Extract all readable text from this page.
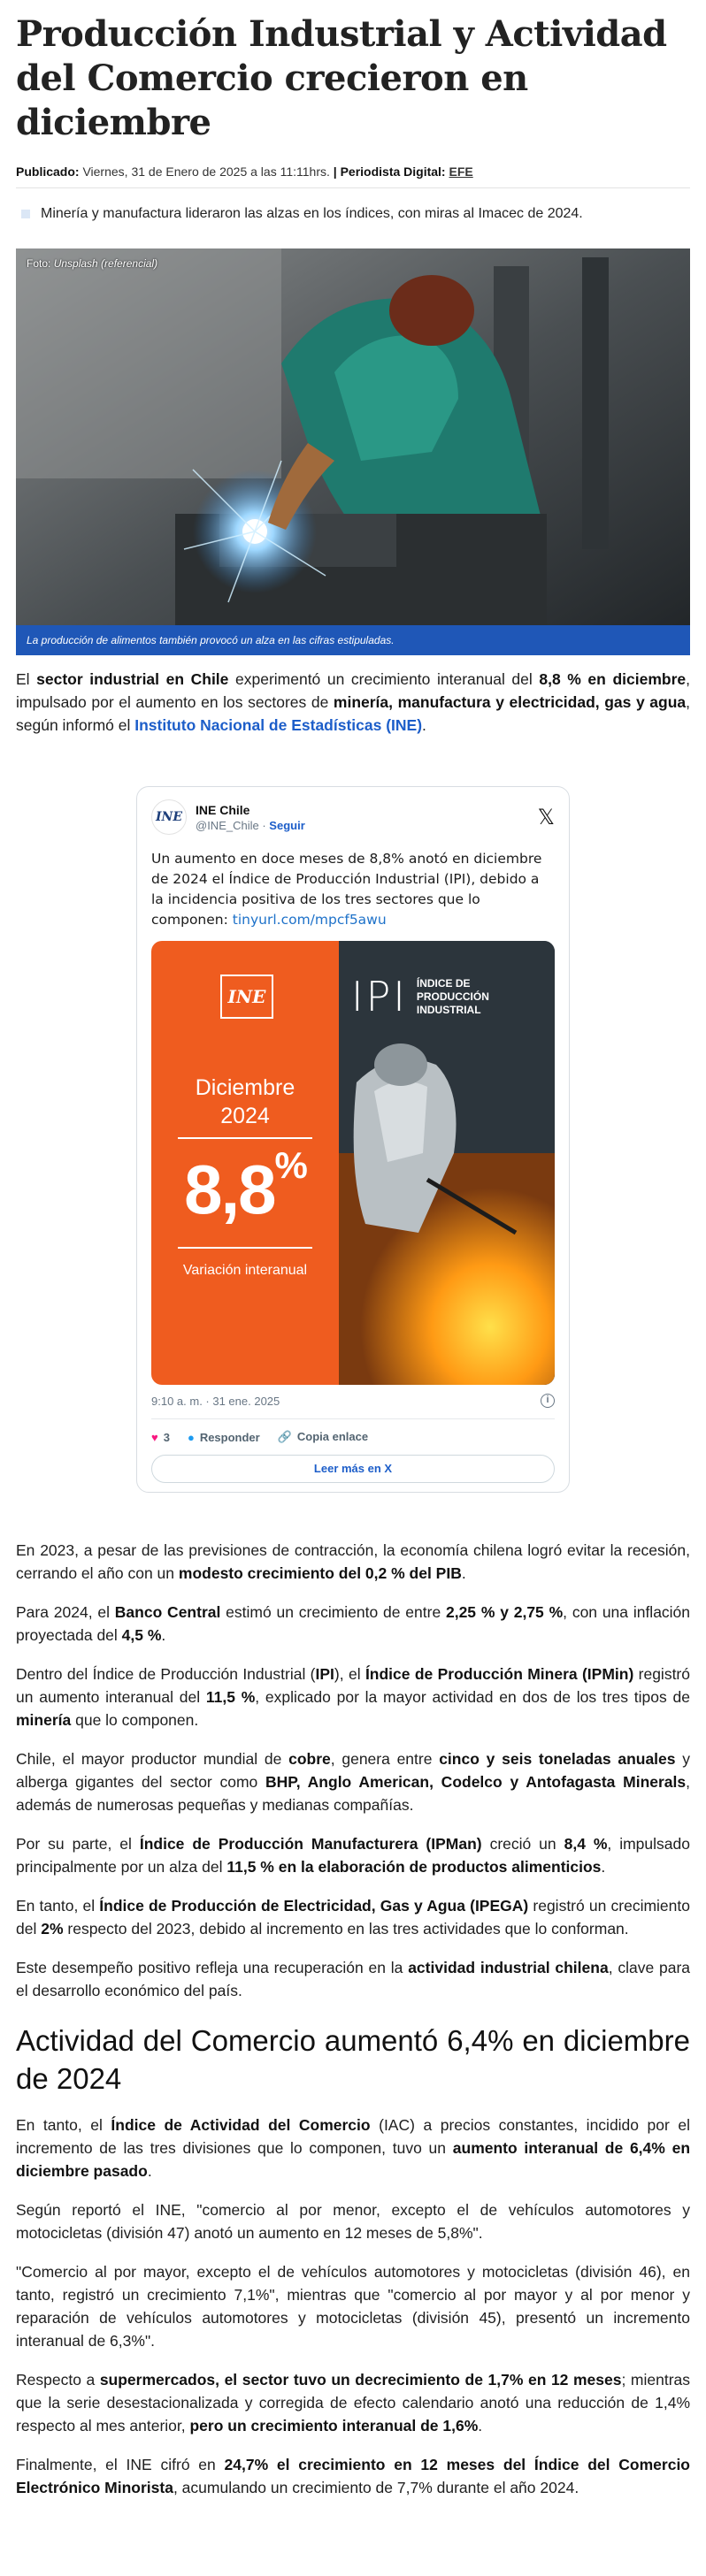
Producción Industrial y Actividad del Comercio crecieron en diciembre
Publicado: Viernes, 31 de Enero de 2025 a las 11:11hrs. | Periodista Digital: EFE
Minería y manufactura lideraron las alzas en los índices, con miras al Imacec de 2024.
Foto: Unsplash (referencial)
La producción de alimentos también provocó un alza en las cifras estipuladas.

El sector industrial en Chile experimentó un crecimiento interanual del 8,8 % en diciembre, impulsado por el aumento en los sectores de minería, manufactura y electricidad, gas y agua, según informó el Instituto Nacional de Estadísticas (INE).

INE
INE Chile
@INE_Chile · Seguir	𝕏
Un aumento en doce meses de 8,8% anotó en diciembre de 2024 el Índice de Producción Industrial (IPI), debido a la incidencia positiva de los tres sectores que lo componen: tinyurl.com/mpcf5awu
INE
Diciembre
2024
8,8%
Variación interanual
IPI ÍNDICE DE
PRODUCCIÓN
INDUSTRIAL
9:10 a. m. · 31 ene. 2025	i
♥ 3 ● Responder 🔗 Copia enlace
Leer más en X

En 2023, a pesar de las previsiones de contracción, la economía chilena logró evitar la recesión, cerrando el año con un modesto crecimiento del 0,2 % del PIB.

Para 2024, el Banco Central estimó un crecimiento de entre 2,25 % y 2,75 %, con una inflación proyectada del 4,5 %.

Dentro del Índice de Producción Industrial (IPI), el Índice de Producción Minera (IPMin) registró un aumento interanual del 11,5 %, explicado por la mayor actividad en dos de los tres tipos de minería que lo componen.

Chile, el mayor productor mundial de cobre, genera entre cinco y seis toneladas anuales y alberga gigantes del sector como BHP, Anglo American, Codelco y Antofagasta Minerals, además de numerosas pequeñas y medianas compañías.

Por su parte, el Índice de Producción Manufacturera (IPMan) creció un 8,4 %, impulsado principalmente por un alza del 11,5 % en la elaboración de productos alimenticios.

En tanto, el Índice de Producción de Electricidad, Gas y Agua (IPEGA) registró un crecimiento del 2% respecto del 2023, debido al incremento en las tres actividades que lo conforman.

Este desempeño positivo refleja una recuperación en la actividad industrial chilena, clave para el desarrollo económico del país.

Actividad del Comercio aumentó 6,4% en diciembre de 2024

En tanto, el Índice de Actividad del Comercio (IAC) a precios constantes, incidido por el incremento de las tres divisiones que lo componen, tuvo un aumento interanual de 6,4% en diciembre pasado.

Según reportó el INE, "comercio al por menor, excepto el de vehículos automotores y motocicletas (división 47) anotó un aumento en 12 meses de 5,8%".

"Comercio al por mayor, excepto el de vehículos automotores y motocicletas (división 46), en tanto, registró un crecimiento 7,1%", mientras que "comercio al por mayor y al por menor y reparación de vehículos automotores y motocicletas (división 45), presentó un incremento interanual de 6,3%".

Respecto a supermercados, el sector tuvo un decrecimiento de 1,7% en 12 meses; mientras que la serie desestacionalizada y corregida de efecto calendario anotó una reducción de 1,4% respecto al mes anterior, pero un crecimiento interanual de 1,6%.

Finalmente, el INE cifró en 24,7% el crecimiento en 12 meses del Índice del Comercio Electrónico Minorista, acumulando un crecimiento de 7,7% durante el año 2024.
